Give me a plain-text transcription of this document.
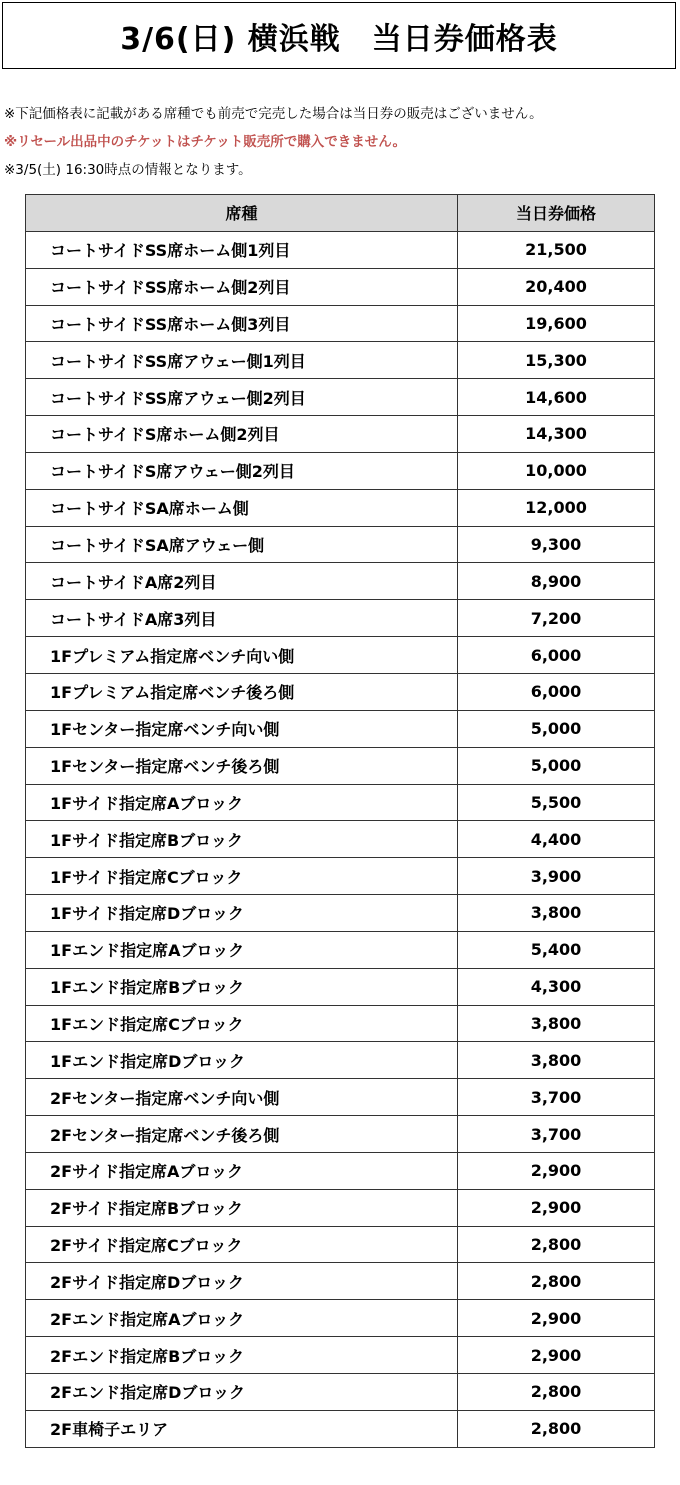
3/6(日) 横浜戦　当日券価格表
※下記価格表に記載がある席種でも前売で完売した場合は当日券の販売はございません。
※リセール出品中のチケットはチケット販売所で購入できません。
※3/5(土) 16:30時点の情報となります。
席種	当日券価格
コートサイドSS席ホーム側1列目	21,500
コートサイドSS席ホーム側2列目	20,400
コートサイドSS席ホーム側3列目	19,600
コートサイドSS席アウェー側1列目	15,300
コートサイドSS席アウェー側2列目	14,600
コートサイドS席ホーム側2列目	14,300
コートサイドS席アウェー側2列目	10,000
コートサイドSA席ホーム側	12,000
コートサイドSA席アウェー側	9,300
コートサイドA席2列目	8,900
コートサイドA席3列目	7,200
1Fプレミアム指定席ベンチ向い側	6,000
1Fプレミアム指定席ベンチ後ろ側	6,000
1Fセンター指定席ベンチ向い側	5,000
1Fセンター指定席ベンチ後ろ側	5,000
1Fサイド指定席Aブロック	5,500
1Fサイド指定席Bブロック	4,400
1Fサイド指定席Cブロック	3,900
1Fサイド指定席Dブロック	3,800
1Fエンド指定席Aブロック	5,400
1Fエンド指定席Bブロック	4,300
1Fエンド指定席Cブロック	3,800
1Fエンド指定席Dブロック	3,800
2Fセンター指定席ベンチ向い側	3,700
2Fセンター指定席ベンチ後ろ側	3,700
2Fサイド指定席Aブロック	2,900
2Fサイド指定席Bブロック	2,900
2Fサイド指定席Cブロック	2,800
2Fサイド指定席Dブロック	2,800
2Fエンド指定席Aブロック	2,900
2Fエンド指定席Bブロック	2,900
2Fエンド指定席Dブロック	2,800
2F車椅子エリア	2,800
